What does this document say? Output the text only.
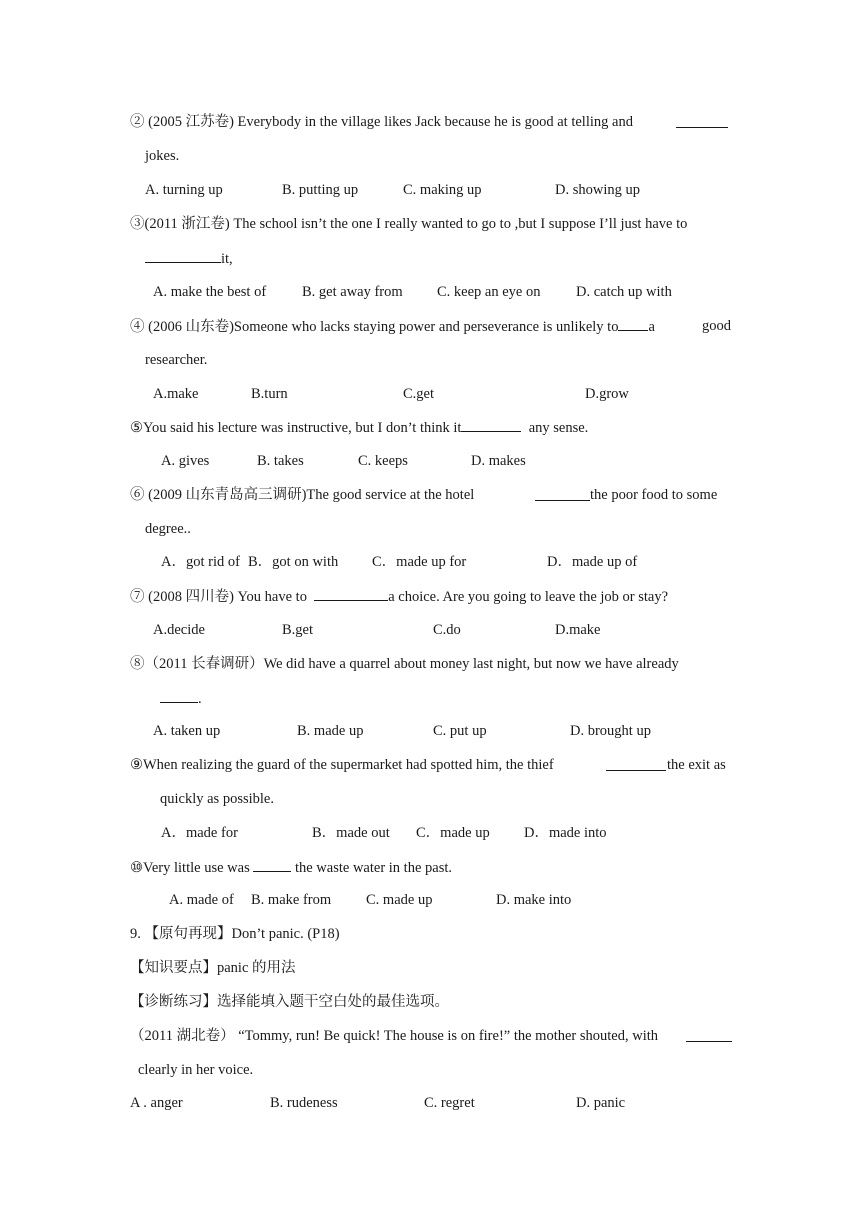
② (2005 江苏卷) Everybody in the village likes Jack because he is good at telling and
jokes.
A. turning up	B. putting up	C. making up	D. showing up
③(2011 浙江卷) The school isn’t the one I really wanted to go to ,but I suppose I’ll just have to
it,
A. make the best of B. get away from C. keep an eye on D. catch up with
④ (2006 山东卷)Someone who lacks staying power and perseverance is unlikely to a	good
researcher.
A.make	B.turn	C.get	D.grow
⑤You said his lecture was instructive, but I don’t think it	any sense.
A. gives	B. takes	C. keeps	D. makes
⑥ (2009 山东青岛高三调研)The good service at the hotel	the poor food to some
degree..
A．got rid of B．got on with C．made up for	D．made up of
⑦ (2008 四川卷) You have to	a choice. Are you going to leave the job or stay?
A.decide	B.get	C.do	D.make
⑧（2011 长春调研）We did have a quarrel about money last night, but now we have already
.
A. taken up	B. made up	C. put up	D. brought up
⑨When realizing the guard of the supermarket had spotted him, the thief	the exit as
quickly as possible.
A．made for	B．made out C．made up D．made into
⑩Very little use was	the waste water in the past.
A. made of B. make from C. made up	D. make into
9. 【原句再现】Don’t panic. (P18)
【知识要点】panic 的用法
【诊断练习】选择能填入题干空白处的最佳选项。
（2011 湖北卷） “Tommy, run! Be quick! The house is on fire!” the mother shouted, with
clearly in her voice.
A . anger	B. rudeness	C. regret	D. panic
